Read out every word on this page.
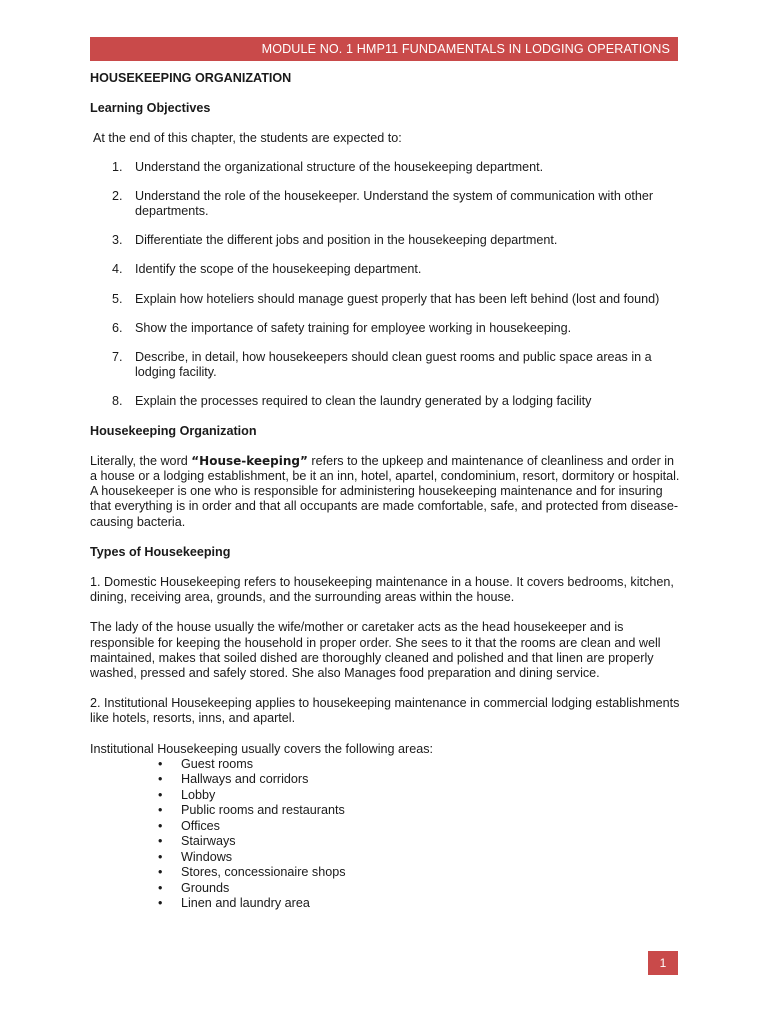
MODULE NO. 1 HMP11 FUNDAMENTALS IN LODGING OPERATIONS
HOUSEKEEPING ORGANIZATION
Learning Objectives
At the end of this chapter, the students are expected to:
1. Understand the organizational structure of the housekeeping department.
2. Understand the role of the housekeeper. Understand the system of communication with other departments.
3. Differentiate the different jobs and position in the housekeeping department.
4. Identify the scope of the housekeeping department.
5. Explain how hoteliers should manage guest properly that has been left behind (lost and found)
6. Show the importance of safety training for employee working in housekeeping.
7. Describe, in detail, how housekeepers should clean guest rooms and public space areas in a lodging facility.
8. Explain the processes required to clean the laundry generated by a lodging facility
Housekeeping Organization

Literally, the word “House-keeping” refers to the upkeep and maintenance of cleanliness and order in a house or a lodging establishment, be it an inn, hotel, apartel, condominium, resort, dormitory or hospital. A housekeeper is one who is responsible for administering housekeeping maintenance and for insuring that everything is in order and that all occupants are made comfortable, safe, and protected from disease-causing bacteria.

Types of Housekeeping

1. Domestic Housekeeping refers to housekeeping maintenance in a house. It covers bedrooms, kitchen, dining, receiving area, grounds, and the surrounding areas within the house.

The lady of the house usually the wife/mother or caretaker acts as the head housekeeper and is responsible for keeping the household in proper order. She sees to it that the rooms are clean and well maintained, makes that soiled dished are thoroughly cleaned and polished and that linen are properly washed, pressed and safely stored. She also Manages food preparation and dining service.

2. Institutional Housekeeping applies to housekeeping maintenance in commercial lodging establishments like hotels, resorts, inns, and apartel.

Institutional Housekeeping usually covers the following areas:
• Guest rooms
• Hallways and corridors
• Lobby
• Public rooms and restaurants
• Offices
• Stairways
• Windows
• Stores, concessionaire shops
• Grounds
• Linen and laundry area
1
